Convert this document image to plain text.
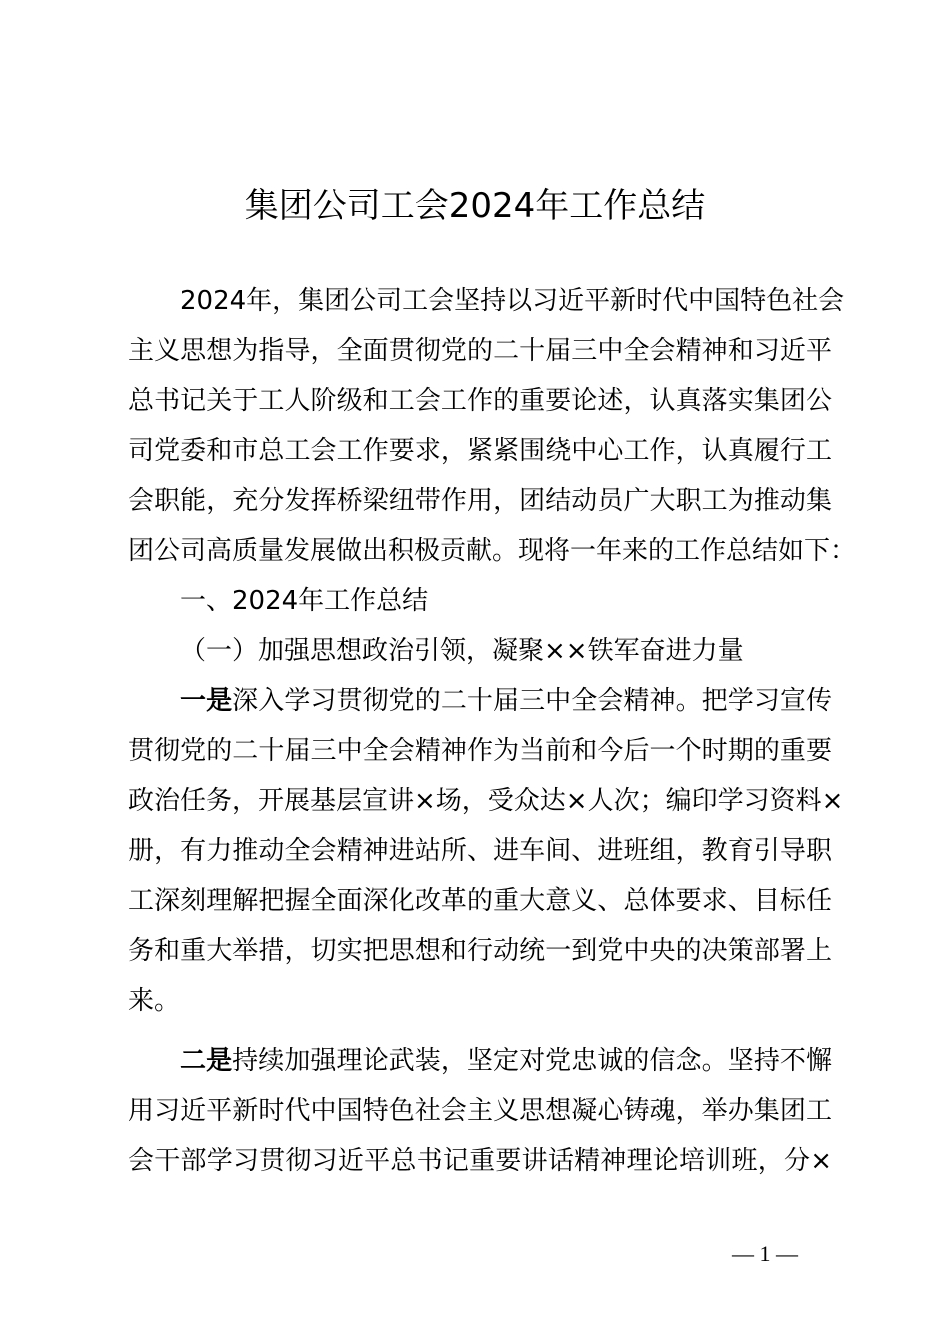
集团公司工会2024年工作总结
2024年，集团公司工会坚持以习近平新时代中国特色社会
主义思想为指导，全面贯彻党的二十届三中全会精神和习近平
总书记关于工人阶级和工会工作的重要论述，认真落实集团公
司党委和市总工会工作要求，紧紧围绕中心工作，认真履行工
会职能，充分发挥桥梁纽带作用，团结动员广大职工为推动集
团公司高质量发展做出积极贡献。现将一年来的工作总结如下：
一、2024年工作总结
（一）加强思想政治引领，凝聚××铁军奋进力量
一是深入学习贯彻党的二十届三中全会精神。把学习宣传
贯彻党的二十届三中全会精神作为当前和今后一个时期的重要
政治任务，开展基层宣讲×场，受众达×人次；编印学习资料×
册，有力推动全会精神进站所、进车间、进班组，教育引导职
工深刻理解把握全面深化改革的重大意义、总体要求、目标任
务和重大举措，切实把思想和行动统一到党中央的决策部署上
来。
二是持续加强理论武装，坚定对党忠诚的信念。坚持不懈
用习近平新时代中国特色社会主义思想凝心铸魂，举办集团工
会干部学习贯彻习近平总书记重要讲话精神理论培训班，分×
— 1 —
